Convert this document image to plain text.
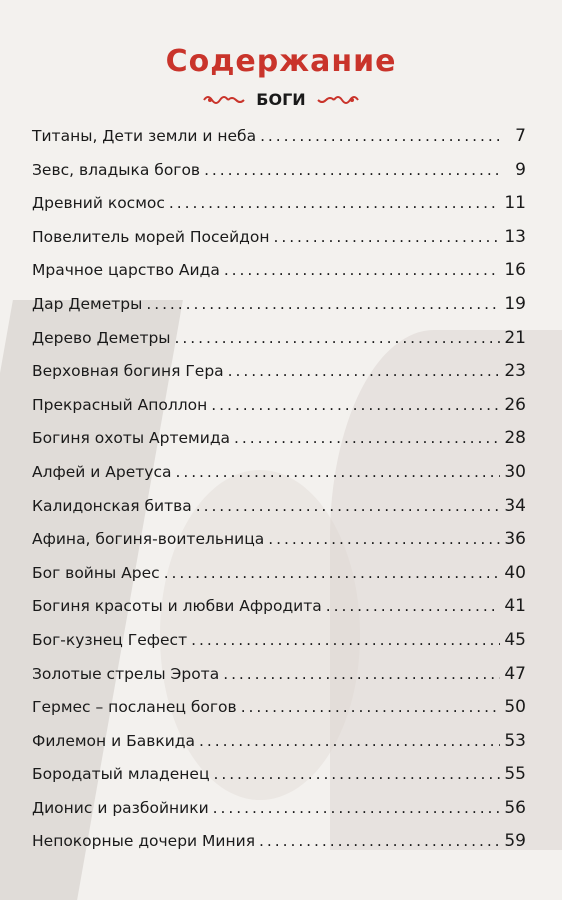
Содержание
БОГИ
Титаны, Дети земли и неба . . .	7
Зевс, владыка богов . . .	9
Древний космос . . .	11
Повелитель морей Посейдон . . .	13
Мрачное царство Аида . . .	16
Дар Деметры . . .	19
Дерево Деметры . . .	21
Верховная богиня Гера . . .	23
Прекрасный Аполлон . . .	26
Богиня охоты Артемида . . .	28
Алфей и Аретуса . . .	30
Калидонская битва . . .	34
Афина, богиня-воительница . . .	36
Бог войны Арес . . .	40
Богиня красоты и любви Афродита . . .	41
Бог-кузнец Гефест . . .	45
Золотые стрелы Эрота . . .	47
Гермес – посланец богов . . .	50
Филемон и Бавкида . . .	53
Бородатый младенец . . .	55
Дионис и разбойники . . .	56
Непокорные дочери Миния . . .	59
